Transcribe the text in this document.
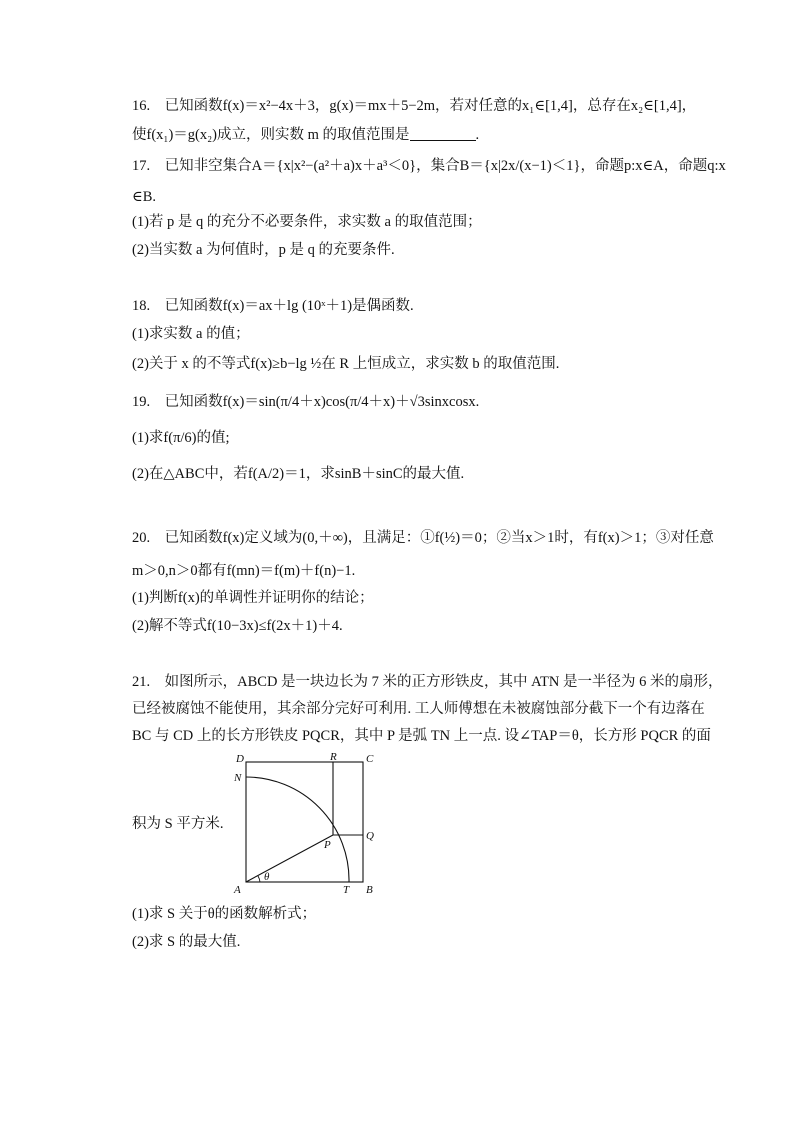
16.　已知函数f(x)＝x²−4x＋3，g(x)＝mx＋5−2m，若对任意的x₁∈[1,4]，总存在x₂∈[1,4]，
使f(x₁)＝g(x₂)成立，则实数 m 的取值范围是	.
17.　已知非空集合A＝{x|x²−(a²＋a)x＋a³＜0}，集合B＝{x|2x/(x−1)＜1}，命题p:x∈A，命题q:x
∈B.
(1)若 p 是 q 的充分不必要条件，求实数 a 的取值范围；
(2)当实数 a 为何值时，p 是 q 的充要条件.
18.　已知函数f(x)＝ax＋lg (10ˣ＋1)是偶函数.
(1)求实数 a 的值；
(2)关于 x 的不等式f(x)≥b−lg ½在 R 上恒成立，求实数 b 的取值范围.
19.　已知函数f(x)＝sin(π/4＋x)cos(π/4＋x)＋√3sinxcosx.
(1)求f(π/6)的值;
(2)在△ABC中，若f(A/2)＝1，求sinB＋sinC的最大值.
20.　已知函数f(x)定义域为(0,＋∞)，且满足：①f(½)＝0；②当x＞1时，有f(x)＞1；③对任意
m＞0,n＞0都有f(mn)＝f(m)＋f(n)−1.
(1)判断f(x)的单调性并证明你的结论；
(2)解不等式f(10−3x)≤f(2x＋1)＋4.
21.　如图所示，ABCD 是一块边长为 7 米的正方形铁皮，其中 ATN 是一半径为 6 米的扇形，
已经被腐蚀不能使用，其余部分完好可利用. 工人师傅想在未被腐蚀部分截下一个有边落在
BC 与 CD 上的长方形铁皮 PQCR，其中 P 是弧 TN 上一点. 设∠TAP＝θ，长方形 PQCR 的面
积为 S 平方米.
D	R	C
N
Q
P
A
θ
T B
(1)求 S 关于θ的函数解析式；
(2)求 S 的最大值.
